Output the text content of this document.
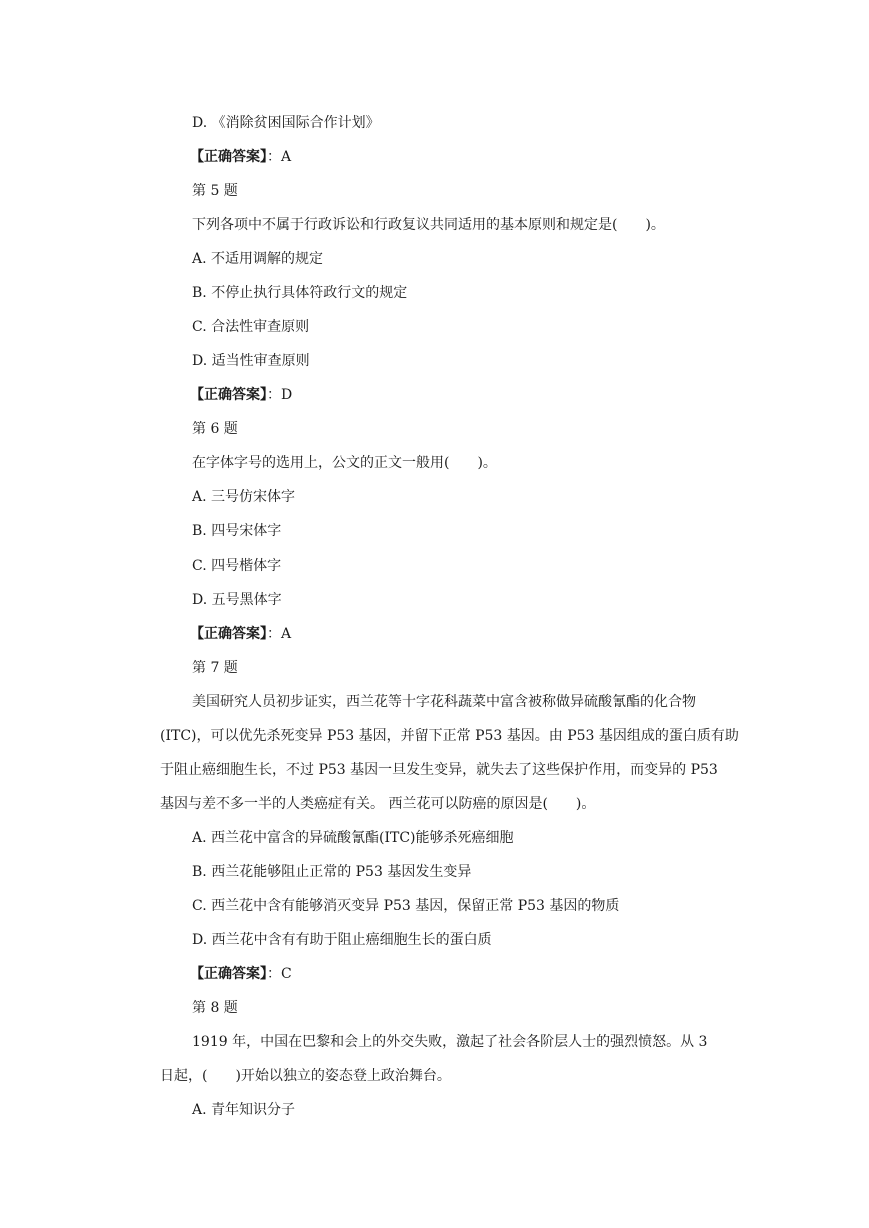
D. 《消除贫困国际合作计划》
【正确答案】：A
第 5 题
下列各项中不属于行政诉讼和行政复议共同适用的基本原则和规定是(　　)。
A. 不适用调解的规定
B. 不停止执行具体符政行文的规定
C. 合法性审查原则
D. 适当性审查原则
【正确答案】：D
第 6 题
在字体字号的选用上，公文的正文一般用(　　)。
A. 三号仿宋体字
B. 四号宋体字
C. 四号楷体字
D. 五号黑体字
【正确答案】：A
第 7 题
美国研究人员初步证实，西兰花等十字花科蔬菜中富含被称做异硫酸氰酯的化合物
(ITC)，可以优先杀死变异 P53 基因，并留下正常 P53 基因。由 P53 基因组成的蛋白质有助
于阻止癌细胞生长，不过 P53 基因一旦发生变异，就失去了这些保护作用，而变异的 P53
基因与差不多一半的人类癌症有关。 西兰花可以防癌的原因是(　　)。
A. 西兰花中富含的异硫酸氰酯(ITC)能够杀死癌细胞
B. 西兰花能够阻止正常的 P53 基因发生变异
C. 西兰花中含有能够消灭变异 P53 基因，保留正常 P53 基因的物质
D. 西兰花中含有有助于阻止癌细胞生长的蛋白质
【正确答案】：C
第 8 题
1919 年，中国在巴黎和会上的外交失败，激起了社会各阶层人士的强烈愤怒。从 3
日起，(　　)开始以独立的姿态登上政治舞台。
A. 青年知识分子
